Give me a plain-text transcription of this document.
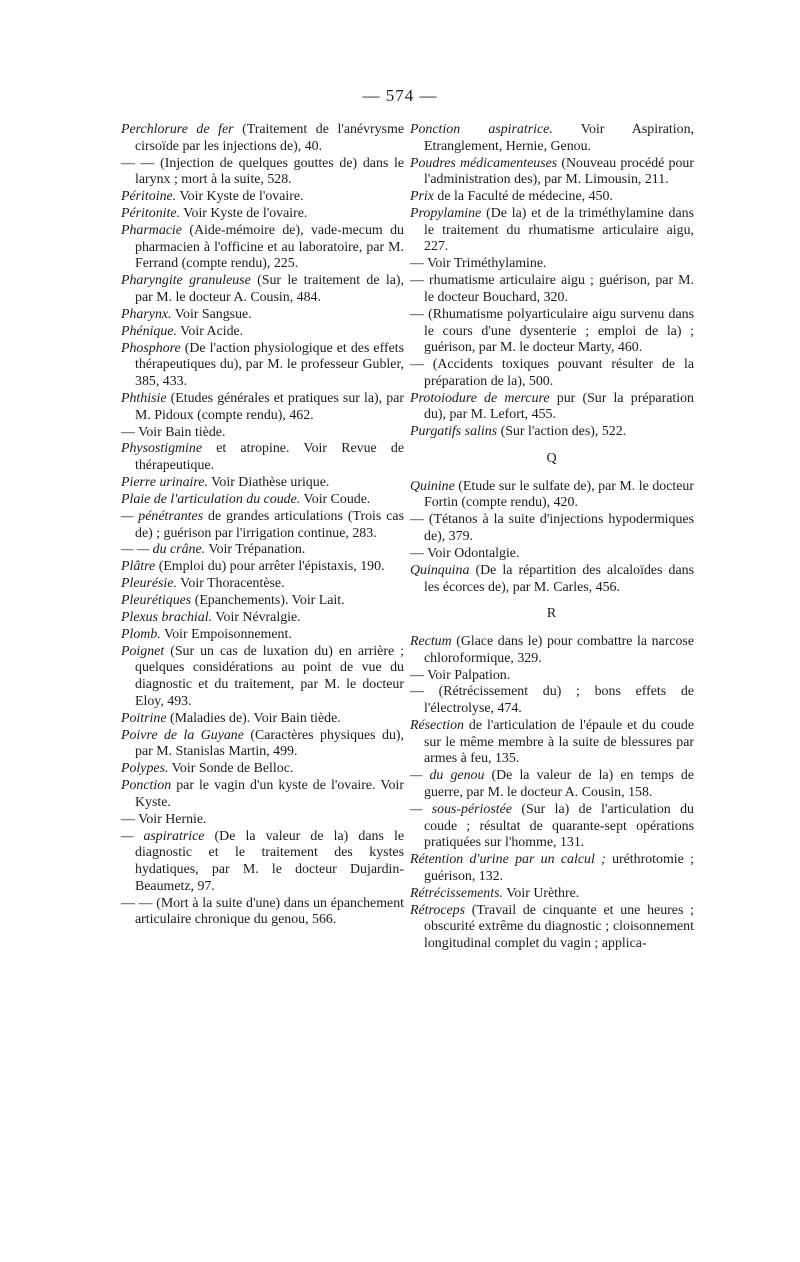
— 574 —
Perchlorure de fer (Traitement de l'anévrysme cirsoïde par les injections de), 40.
— — (Injection de quelques gouttes de) dans le larynx ; mort à la suite, 528.
Péritoine. Voir Kyste de l'ovaire.
Péritonite. Voir Kyste de l'ovaire.
Pharmacie (Aide-mémoire de), vade-mecum du pharmacien à l'officine et au laboratoire, par M. Ferrand (compte rendu), 225.
Pharyngite granuleuse (Sur le traitement de la), par M. le docteur A. Cousin, 484.
Pharynx. Voir Sangsue.
Phénique. Voir Acide.
Phosphore (De l'action physiologique et des effets thérapeutiques du), par M. le professeur Gubler, 385, 433.
Phthisie (Etudes générales et pratiques sur la), par M. Pidoux (compte rendu), 462.
— Voir Bain tiède.
Physostigmine et atropine. Voir Revue de thérapeutique.
Pierre urinaire. Voir Diathèse urique.
Plaie de l'articulation du coude. Voir Coude.
— pénétrantes de grandes articulations (Trois cas de) ; guérison par l'irrigation continue, 283.
— — du crâne. Voir Trépanation.
Plâtre (Emploi du) pour arrêter l'épistaxis, 190.
Pleurésie. Voir Thoracentèse.
Pleurétiques (Epanchements). Voir Lait.
Plexus brachial. Voir Névralgie.
Plomb. Voir Empoisonnement.
Poignet (Sur un cas de luxation du) en arrière ; quelques considérations au point de vue du diagnostic et du traitement, par M. le docteur Eloy, 493.
Poitrine (Maladies de). Voir Bain tiède.
Poivre de la Guyane (Caractères physiques du), par M. Stanislas Martin, 499.
Polypes. Voir Sonde de Belloc.
Ponction par le vagin d'un kyste de l'ovaire. Voir Kyste.
— Voir Hernie.
— aspiratrice (De la valeur de la) dans le diagnostic et le traitement des kystes hydatiques, par M. le docteur Dujardin-Beaumetz, 97.
— — (Mort à la suite d'une) dans un épanchement articulaire chronique du genou, 566.
Ponction aspiratrice. Voir Aspiration, Etranglement, Hernie, Genou.
Poudres médicamenteuses (Nouveau procédé pour l'administration des), par M. Limousin, 211.
Prix de la Faculté de médecine, 450.
Propylamine (De la) et de la triméthylamine dans le traitement du rhumatisme articulaire aigu, 227.
— Voir Triméthylamine.
— rhumatisme articulaire aigu ; guérison, par M. le docteur Bouchard, 320.
— (Rhumatisme polyarticulaire aigu survenu dans le cours d'une dysenterie ; emploi de la) ; guérison, par M. le docteur Marty, 460.
— (Accidents toxiques pouvant résulter de la préparation de la), 500.
Protoiodure de mercure pur (Sur la préparation du), par M. Lefort, 455.
Purgatifs salins (Sur l'action des), 522.
Q
Quinine (Etude sur le sulfate de), par M. le docteur Fortin (compte rendu), 420.
— (Tétanos à la suite d'injections hypodermiques de), 379.
— Voir Odontalgie.
Quinquina (De la répartition des alcaloïdes dans les écorces de), par M. Carles, 456.
R
Rectum (Glace dans le) pour combattre la narcose chloroformique, 329.
— Voir Palpation.
— (Rétrécissement du) ; bons effets de l'électrolyse, 474.
Résection de l'articulation de l'épaule et du coude sur le même membre à la suite de blessures par armes à feu, 135.
— du genou (De la valeur de la) en temps de guerre, par M. le docteur A. Cousin, 158.
— sous-périostée (Sur la) de l'articulation du coude ; résultat de quarante-sept opérations pratiquées sur l'homme, 131.
Rétention d'urine par un calcul ; uréthrotomie ; guérison, 132.
Rétrécissements. Voir Urèthre.
Rétroceps (Travail de cinquante et une heures ; obscurité extrême du diagnostic ; cloisonnement longitudinal complet du vagin ; applica-
